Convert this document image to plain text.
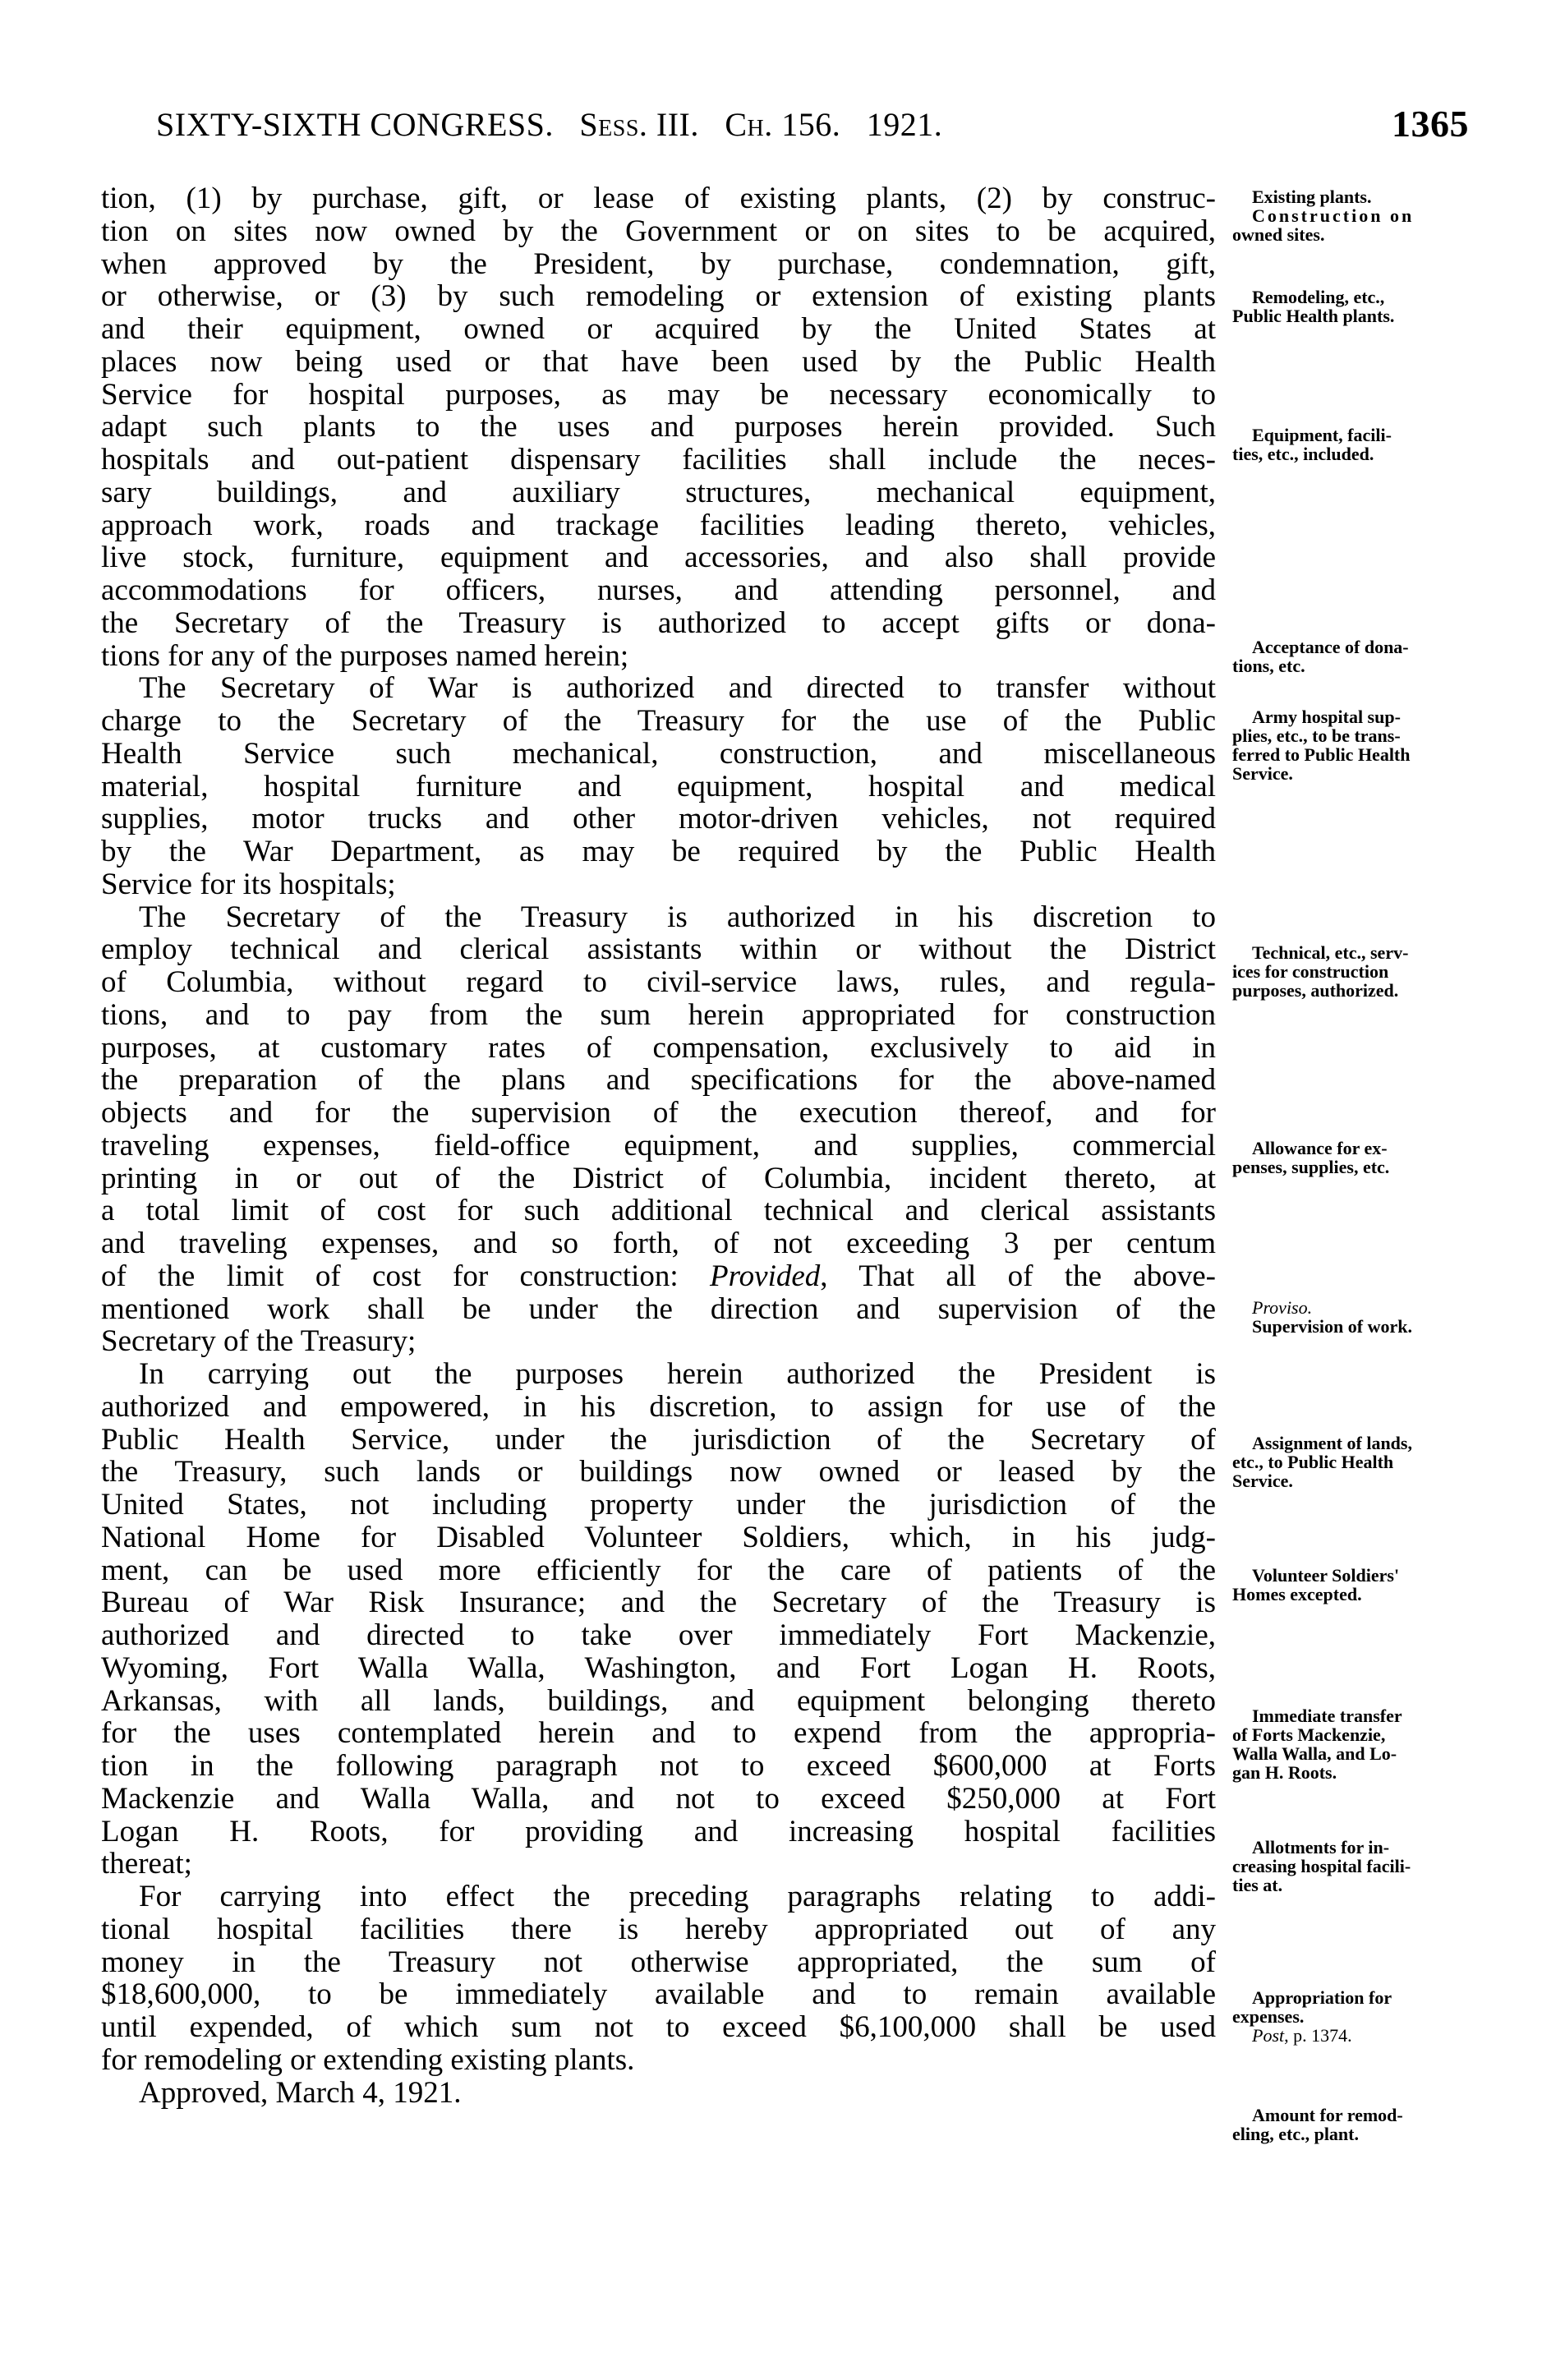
SIXTY-SIXTH CONGRESS. Sess. III. Ch. 156. 1921.	1365
tion, (1) by purchase, gift, or lease of existing plants, (2) by construc-
tion on sites now owned by the Government or on sites to be acquired,
when approved by the President, by purchase, condemnation, gift,
or otherwise, or (3) by such remodeling or extension of existing plants
and their equipment, owned or acquired by the United States at
places now being used or that have been used by the Public Health
Service for hospital purposes, as may be necessary economically to
adapt such plants to the uses and purposes herein provided. Such
hospitals and out-patient dispensary facilities shall include the neces-
sary buildings, and auxiliary structures, mechanical equipment,
approach work, roads and trackage facilities leading thereto, vehicles,
live stock, furniture, equipment and accessories, and also shall provide
accommodations for officers, nurses, and attending personnel, and
the Secretary of the Treasury is authorized to accept gifts or dona-
tions for any of the purposes named herein;
The Secretary of War is authorized and directed to transfer without
charge to the Secretary of the Treasury for the use of the Public
Health Service such mechanical, construction, and miscellaneous
material, hospital furniture and equipment, hospital and medical
supplies, motor trucks and other motor-driven vehicles, not required
by the War Department, as may be required by the Public Health
Service for its hospitals;
The Secretary of the Treasury is authorized in his discretion to
employ technical and clerical assistants within or without the District
of Columbia, without regard to civil-service laws, rules, and regula-
tions, and to pay from the sum herein appropriated for construction
purposes, at customary rates of compensation, exclusively to aid in
the preparation of the plans and specifications for the above-named
objects and for the supervision of the execution thereof, and for
traveling expenses, field-office equipment, and supplies, commercial
printing in or out of the District of Columbia, incident thereto, at
a total limit of cost for such additional technical and clerical assistants
and traveling expenses, and so forth, of not exceeding 3 per centum
of the limit of cost for construction: Provided, That all of the above-
mentioned work shall be under the direction and supervision of the
Secretary of the Treasury;
In carrying out the purposes herein authorized the President is
authorized and empowered, in his discretion, to assign for use of the
Public Health Service, under the jurisdiction of the Secretary of
the Treasury, such lands or buildings now owned or leased by the
United States, not including property under the jurisdiction of the
National Home for Disabled Volunteer Soldiers, which, in his judg-
ment, can be used more efficiently for the care of patients of the
Bureau of War Risk Insurance; and the Secretary of the Treasury is
authorized and directed to take over immediately Fort Mackenzie,
Wyoming, Fort Walla Walla, Washington, and Fort Logan H. Roots,
Arkansas, with all lands, buildings, and equipment belonging thereto
for the uses contemplated herein and to expend from the appropria-
tion in the following paragraph not to exceed $600,000 at Forts
Mackenzie and Walla Walla, and not to exceed $250,000 at Fort
Logan H. Roots, for providing and increasing hospital facilities
thereat;
For carrying into effect the preceding paragraphs relating to addi-
tional hospital facilities there is hereby appropriated out of any
money in the Treasury not otherwise appropriated, the sum of
$18,600,000, to be immediately available and to remain available
until expended, of which sum not to exceed $6,100,000 shall be used
for remodeling or extending existing plants.
Approved, March 4, 1921.
Existing plants.
Construction on
owned sites.
Remodeling, etc.,
Public Health plants.
Equipment, facili-
ties, etc., included.
Acceptance of dona-
tions, etc.
Army hospital sup-
plies, etc., to be trans-
ferred to Public Health
Service.
Technical, etc., serv-
ices for construction
purposes, authorized.
Allowance for ex-
penses, supplies, etc.
Proviso.
Supervision of work.
Assignment of lands,
etc., to Public Health
Service.
Volunteer Soldiers'
Homes excepted.
Immediate transfer
of Forts Mackenzie,
Walla Walla, and Lo-
gan H. Roots.
Allotments for in-
creasing hospital facili-
ties at.
Appropriation for
expenses.
Post, p. 1374.
Amount for remod-
eling, etc., plant.
